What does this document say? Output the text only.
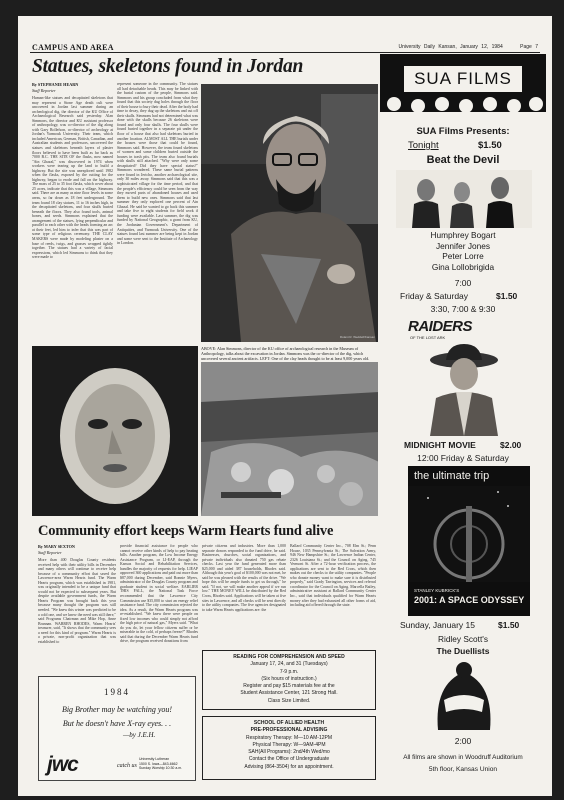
CAMPUS AND AREA	University Daily Kansan, January 12, 1984	Page 7
Statues, skeletons found in Jordan
By STEPHANIE HEARN
Staff Reporter
Human-like statues and decapitated skeletons that may represent a Stone Age death cult were uncovered in Jordan last summer during an archeological dig, the director of the KU Office of Archaeological Research said yesterday. Alan Simmons, the director and KU assistant professor of anthropology, was co-director of the dig along with Gary Rollefson, co-director of archeology at Jordan's Yarmouk University. Their team, which included American, German, British, Canadian, and Australian students and professors, uncovered the statues and skeletons beneath layers of plaster floors believed to have been built as far back as 7000 B.C. THE SITE OF the flasks, now named "Ain Ghazal," was discovered in 1974 when workers were tearing up the land to build a highway. But the site was unexplored until 1982 when the flasks, exposed by the cutting for the highway, began to erode and fall on the highway. The mass of 25 to 35 foot flasks, which cover about 25 acres, indicate that this was a village, Simmons said. There are as many as nine floor levels in some areas, so far down as 18 feet underground. The team found 18 clay statues, 11 to 16 inches high, in the decapitated skeletons, and four skulls buried beneath the floors. They also found tools, animal bones, and seeds. Simmons explained that the arrangement of the statues, lying perpendicular and parallel to each other with the heads forming an arc at their feet, led him to infer that this was part of some type of religious ceremony. THE CLAY MAKERS were made by modeling plaster on a base of reeds, twigs, and grasses wrapped tightly together. The statues had a variety of facial expressions, which led Simmons to think that they were made to
represent someone in the community. The statues all had detachable heads. This may be linked with the burial custom of the people, Simmons said. Simmons and his group concluded from what they found that this society dug holes through the floor of their house to bury their dead. After the body had time to decay, they dug up the skeletons and cut off their skulls. Simmons had not determined what was done with the skulls because 26 skeletons were found and only four skulls. The four skulls were found buried together in a separate pit under the floor of a house that also had skeletons buried in another location. ALMOST ALL THE burials under the houses were those that could be found, Simmons said. However, the team found skeletons of women and some children buried outside the houses in trash pits. The team also found burials with skulls still attached. "Why were only some decapitated? Did they have special status?" Simmons wondered. These same burial patterns were found in Jericho, another archaeological site, only 30 miles away. Simmons said that this was a sophisticated village for the time period, and that the people's efficiency could be seen from the way they moved parts of abandoned houses and used them to build new ones. Simmons said that last summer they only explored one percent of Ain Ghazal. He said he wanted to go back this summer and take five to eight students for field work if funding were available. Last summer, the dig was funded by National Geographic, a grant from KU, the Jordanian Government's Department of Antiquities, and Yarmouk University. One of the statues found last summer are being kept in Jordan and some were sent to the Institute of Archaeology in London.
Rolant R. Weddell/Kansan
ABOVE: Alan Simmons, director of the KU office of archaeological research in the Museum of Anthropology, talks about the excavation in Jordan. Simmons was the co-director of the dig, which uncovered several ancient artifacts. LEFT: One of the clay heads thought to be at least 9,000 years old.
Community effort keeps Warm Hearts fund alive
By MARY SEXTON
Staff Reporter
More than 400 Douglas County residents received help with their utility bills in December and many others will continue to receive help because of a community effort that saved the Lawrence-area Warm Hearts fund. The Warm Hearts program, which was established in 1981, was originally intended to be a unique fund that would not be expected to subsequent years. But despite available government funds, the Warm Hearts Program was brought back this year because many thought the program was still needed. "We knew this winter was predicted to be a cold one, and we knew the need was still there," said Programs Chairman and Mike Hop, Anne Brannan. WARREN RHODES, Warm Hearts' treasurer, said, "It shows that the community sees a need for this kind of program." Warm Hearts is a private, non-profit organization that was established to
provide financial assistance for people who cannot receive other kinds of help to pay heating bills. Another program, the Low Income Energy Assistance Program, or LI-EAP, through the Kansas Social and Rehabilitation Services, handles the majority of requests for help. LIEAP approved 360 applications and paid out more than $87,000 during December, said Ronnie Myers, administrator of the Douglas County program and graduate student in social welfare. EARLIER THIS FALL, the National Task Force recommended that the Lawrence City Commission use $35,000 to start an energy relief assistance fund. The city commission rejected the idea. As a result, the Warm Hearts program was re-established. "We knew there were people on fixed low incomes who could simply not afford the high price of natural gas," Myers said. "What do you do, let your fellow citizens suffer or be miserable in the cold, of perhaps freeze?" Rhodes said that during the December Warm Hearts fund drive, the program received donations from
private citizens and industries. More than 1,000 separate donors responded to the fund drive, he said. Businesses, churches, social organizations, and private individuals also donated 750 gas rebate checks. Last year the fund generated more than $25,000 and aided 387 households, Rhodes said. Although this year's goal of $100,000 was not met, he said he was pleased with the results of the drive. "We hope this will be ample funds to get us through," he said. "If not, we will make another appeal if we run low." THE MONEY WILL be distributed by the Red Cross, Rhodes said. Applications will be taken at five sites in Lawrence, and all checks will be sent directly to the utility companies. The five agencies designated to take Warm Hearts applications are: the
Ballard Community Center Inc., 708 Elm St.; Penn House, 1035 Pennsylvania St.; The Salvation Army, 946 New Hampshire St.; the Lawrence Indian Center, 2326 Louisiana St.; and the Council on Aging, 745 Vermont St. After a 72-hour verification process, the applications are sent to the Red Cross, which then makes out the checks to the utility companies. "People who donate money want to make sure it is distributed properly," said Grady Tarrington, services and referral coordinator for the Council on Aging. Marcella Bailey, administrative assistant at Ballard Community Center Inc., said that individuals qualified for Warm Hearts money after they had exhausted all other forms of aid, including aid offered through the state.
READING FOR COMPREHENSION AND SPEED
January 17, 24, and 31 (Tuesdays)
7-9 p.m.
(Six hours of instruction.)
Register and pay $15 materials fee at the
Student Assistance Center, 121 Strong Hall.
Class Size Limited.
SCHOOL OF ALLIED HEALTH
PRE-PROFESSIONAL ADVISING
Respiratory Therapy: M—10 AM-12PM
Physical Therapy: W—9AM-4PM
SAH(All Programs): 2nd/4th Wed/mo
Contact the Office of Undergraduate
Advising (864-3504) for an appointment.
1984
Big Brother may be watching you!
But he doesn't have X-ray eyes. . .
—by J.E.H.
jwc	catch us
University Lutheran
1500 S. lowa—843-6662
Sunday Worship 10:30 a.m.
SUA FILMS
SUA Films Presents:
Tonight	$1.50
Beat the Devil
Humphrey Bogart
Jennifer Jones
Peter Lorre
Gina Lollobrigida
7:00
Friday & Saturday	$1.50
3:30, 7:00 & 9:30
RAIDERS
OF THE LOST ARK
MIDNIGHT MOVIE	$2.00
12:00 Friday & Saturday
the ultimate trip
STANLEY KUBRICK'S
2001: A SPACE ODYSSEY
Sunday, January 15	$1.50
Ridley Scott's
The Duellists
2:00
All films are shown in Woodruff Auditorium
5th floor, Kansas Union
